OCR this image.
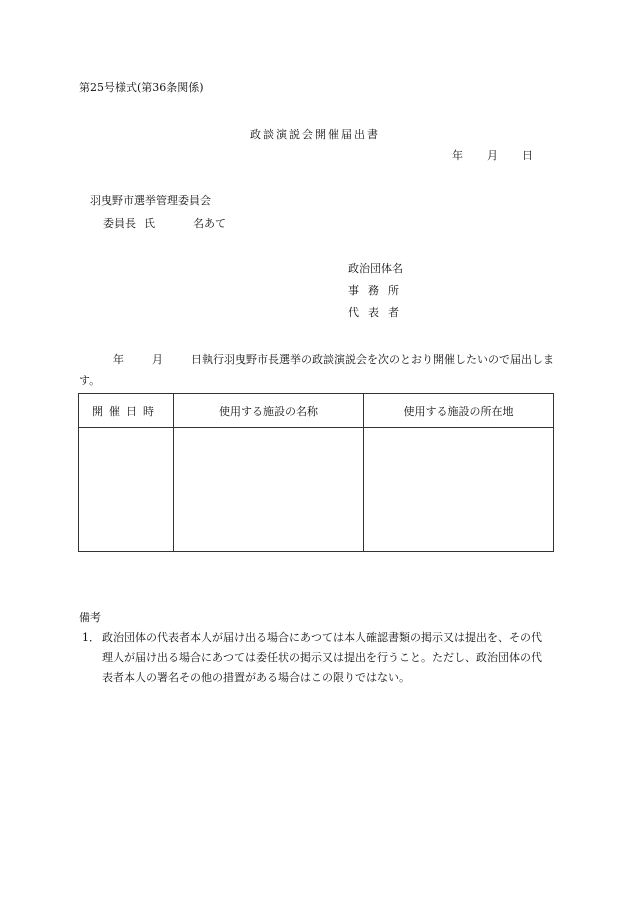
第25号様式(第36条関係)
政談演説会開催届出書
年 月 日
羽曳野市選挙管理委員会
委員長 氏	名あて
政治団体名
事務所
代表者
年	月	日執行羽曳野市長選挙の政談演説会を次のとおり開催したいので届出します。
開催日時	使用する施設の名称	使用する施設の所在地

備考
1． 政治団体の代表者本人が届け出る場合にあつては本人確認書類の掲示又は提出を、その代理人が届け出る場合にあつては委任状の掲示又は提出を行うこと。ただし、政治団体の代表者本人の署名その他の措置がある場合はこの限りではない。
